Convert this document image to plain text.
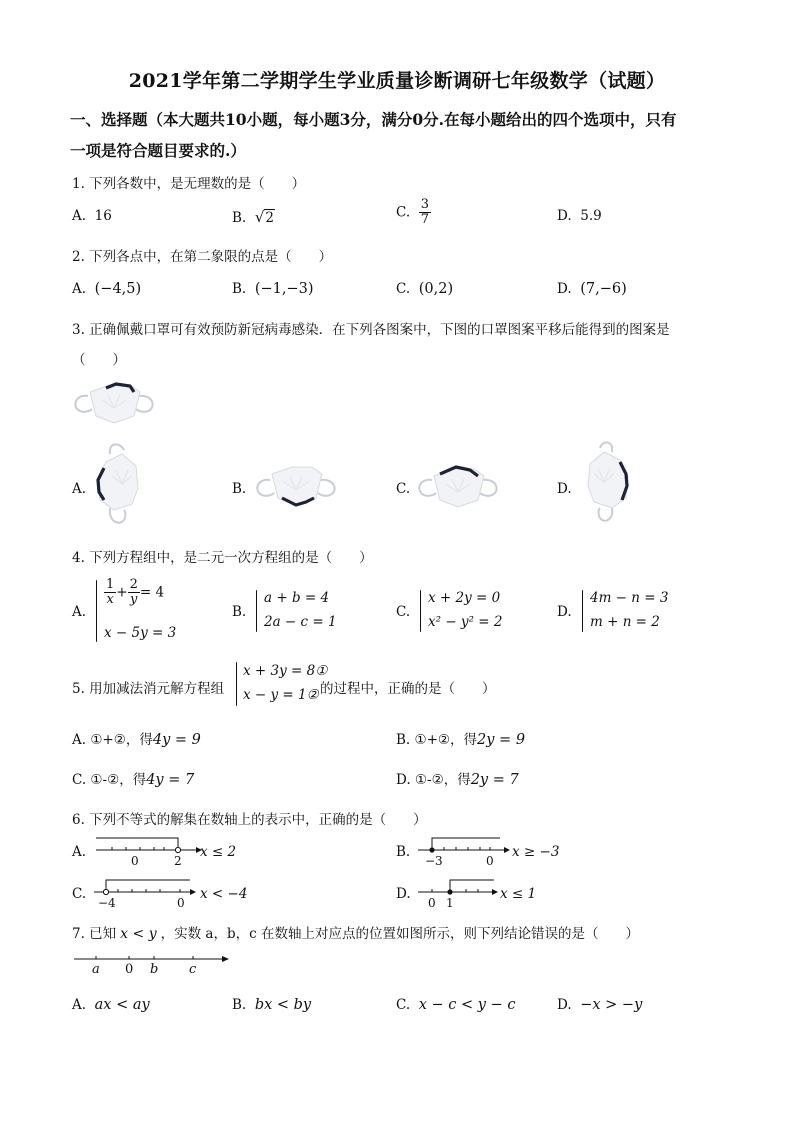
2021学年第二学期学生学业质量诊断调研七年级数学（试题）
一、选择题（本大题共10小题，每小题3分，满分0分.在每小题给出的四个选项中，只有
一项是符合题目要求的.）
1. 下列各数中，是无理数的是（　　）
A. 16	B. √2	C. $\frac{3}{7}$	D. 5.9
2. 下列各点中，在第二象限的点是（　　）
A. (−4,5)	B. (−1,−3)	C. (0,2)	D. (7,−6)
3. 正确佩戴口罩可有效预防新冠病毒感染．在下列各图案中，下图的口罩图案平移后能得到的图案是
（　　）
A.	B.	C.	D.
4. 下列方程组中，是二元一次方程组的是（　　）
A.
$\frac{1}{x} + \frac{2}{y} = 4$
x − 5y = 3
B.
a + b = 4
2a − c = 1
C.
x + 2y = 0
x² − y² = 2
D.
4m − n = 3
m + n = 2
5. 用加减法消元解方程组
x + 3y = 8①
x − y = 1② 的过程中，正确的是（　　）
A. ①+②，得4y = 9	B. ①+②，得2y = 9
C. ①-②，得4y = 7	D. ①-②，得2y = 7
6. 下列不等式的解集在数轴上的表示中，正确的是（　　）
A.
0	2
x ≤ 2	B.
−3	0
x ≥ −3
C.
−4	0
x < −4	D.
0 1
x ≤ 1
7. 已知 x < y ，实数 a，b，c 在数轴上对应点的位置如图所示，则下列结论错误的是（　　）
a 0 b c
A. ax < ay	B. bx < by	C. x − c < y − c	D. −x > −y
